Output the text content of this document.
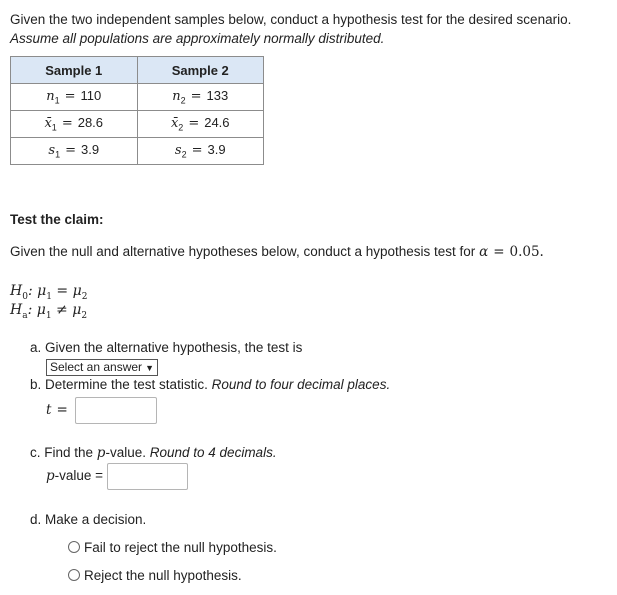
Given the two independent samples below, conduct a hypothesis test for the desired scenario.
Assume all populations are approximately normally distributed.
Sample 1	Sample 2
$n_1 = 110$	$n_2 = 133$
$x̄_1 = 28.6$	$x̄_2 = 24.6$
$s_1 = 3.9$	$s_2 = 3.9$
Test the claim:
Given the null and alternative hypotheses below, conduct a hypothesis test for α = 0.05.
$H_0$: $\mu_1 = \mu_2$
$H_a$: $\mu_1 \ne \mu_2$
a. Given the alternative hypothesis, the test is
Select an answer ▼
b. Determine the test statistic. Round to four decimal places.
t =
c. Find the p-value. Round to 4 decimals.
p-value =
d. Make a decision.
Fail to reject the null hypothesis.
Reject the null hypothesis.
